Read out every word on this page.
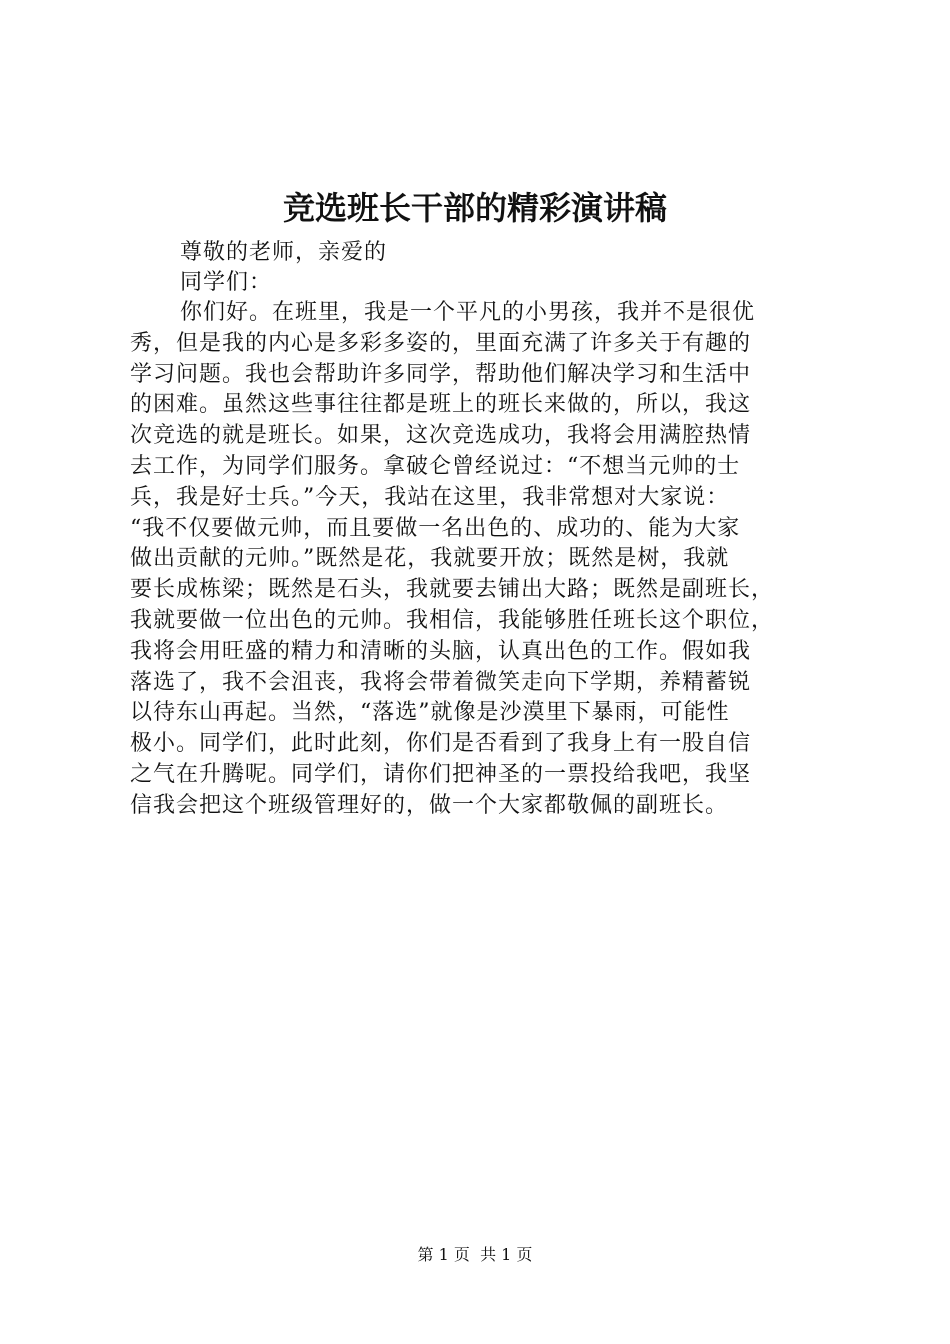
竞选班长干部的精彩演讲稿
尊敬的老师，亲爱的
同学们：
你们好。在班里，我是一个平凡的小男孩，我并不是很优
秀，但是我的内心是多彩多姿的，里面充满了许多关于有趣的
学习问题。我也会帮助许多同学，帮助他们解决学习和生活中
的困难。虽然这些事往往都是班上的班长来做的，所以，我这
次竞选的就是班长。如果，这次竞选成功，我将会用满腔热情
去工作，为同学们服务。拿破仑曾经说过：“不想当元帅的士
兵，我是好士兵。”今天，我站在这里，我非常想对大家说：
“我不仅要做元帅，而且要做一名出色的、成功的、能为大家
做出贡献的元帅。”既然是花，我就要开放；既然是树，我就
要长成栋梁；既然是石头，我就要去铺出大路；既然是副班长，
我就要做一位出色的元帅。我相信，我能够胜任班长这个职位，
我将会用旺盛的精力和清晰的头脑，认真出色的工作。假如我
落选了，我不会沮丧，我将会带着微笑走向下学期，养精蓄锐
以待东山再起。当然，“落选”就像是沙漠里下暴雨，可能性
极小。同学们，此时此刻，你们是否看到了我身上有一股自信
之气在升腾呢。同学们，请你们把神圣的一票投给我吧，我坚
信我会把这个班级管理好的，做一个大家都敬佩的副班长。
第 1 页  共 1 页
